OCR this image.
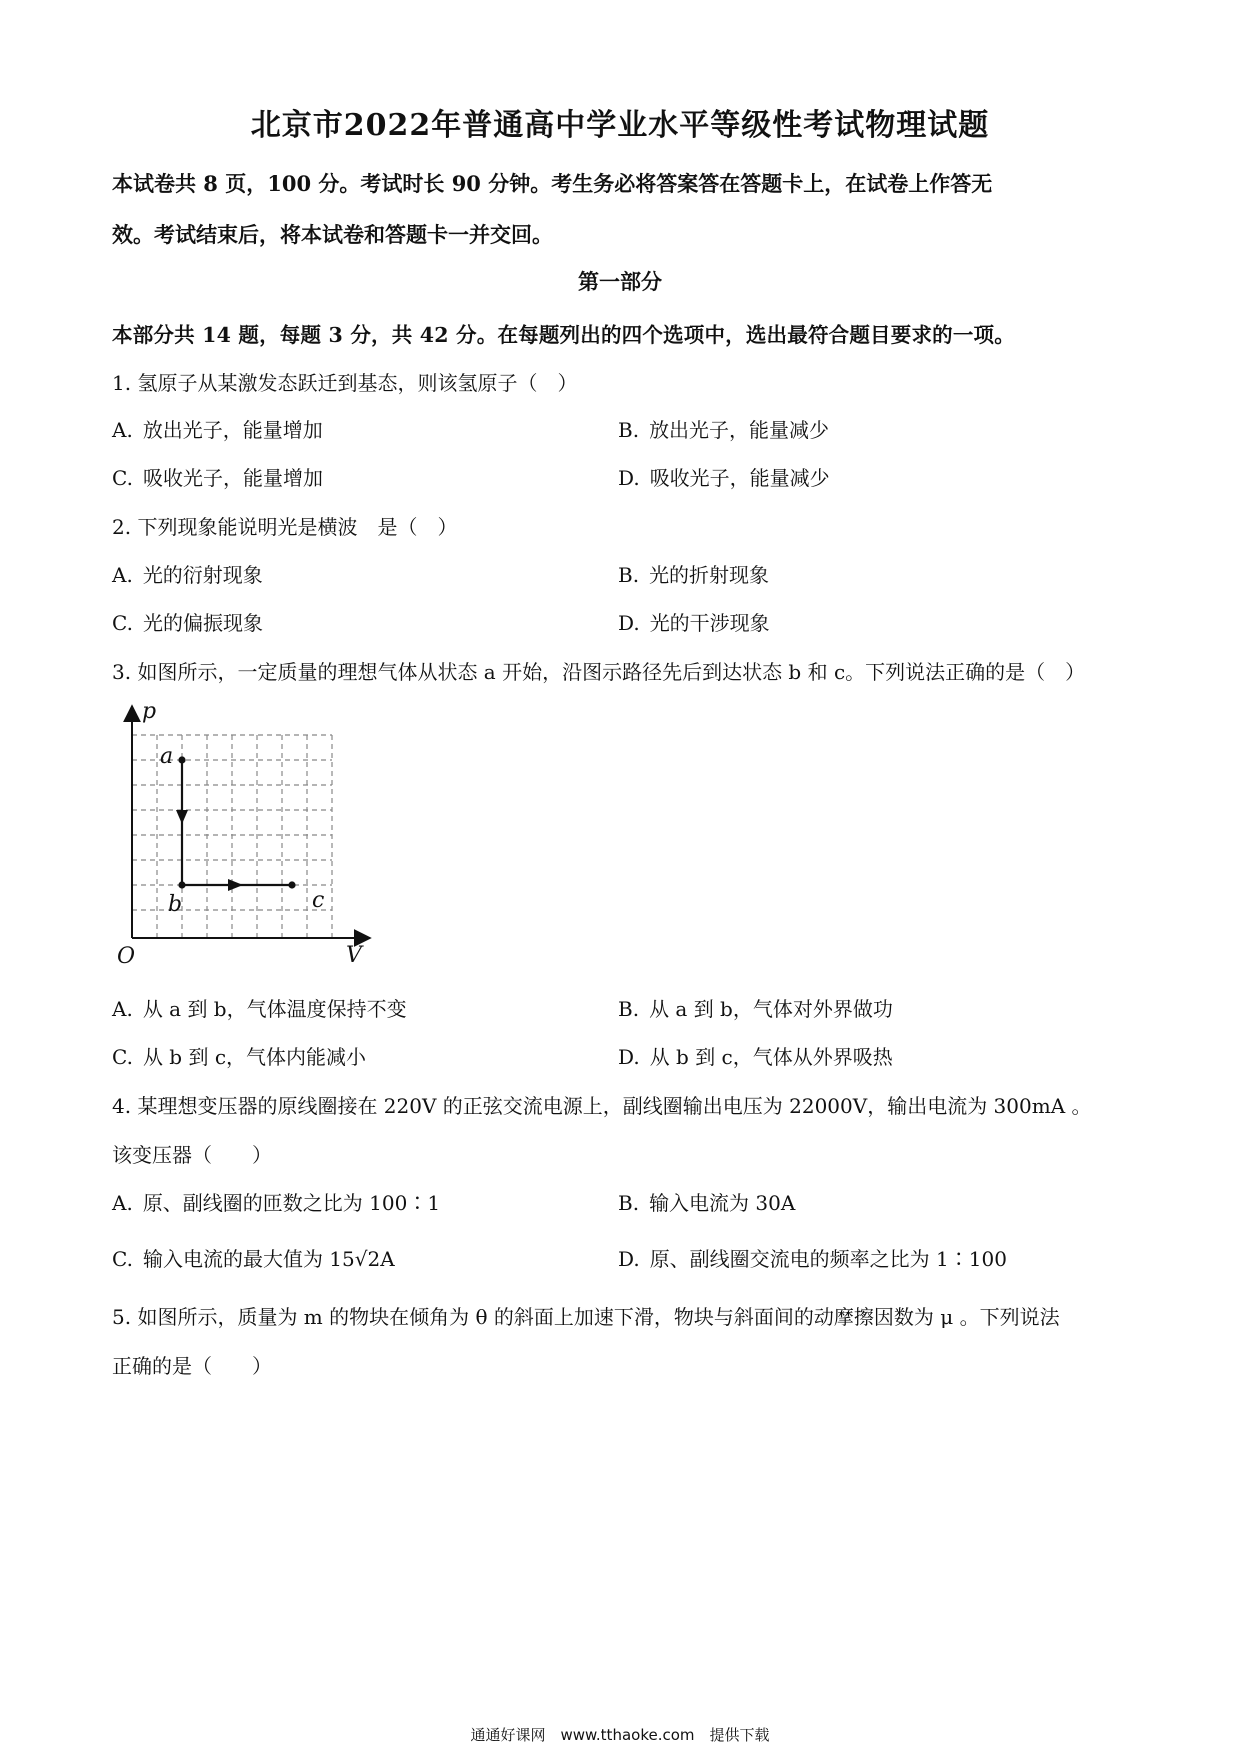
北京市2022年普通高中学业水平等级性考试物理试题
本试卷共 8 页，100 分。考试时长 90 分钟。考生务必将答案答在答题卡上，在试卷上作答无
效。考试结束后，将本试卷和答题卡一并交回。
第一部分
本部分共 14 题，每题 3 分，共 42 分。在每题列出的四个选项中，选出最符合题目要求的一项。
1. 氢原子从某激发态跃迁到基态，则该氢原子（　）
A. 放出光子，能量增加	B. 放出光子，能量减少
C. 吸收光子，能量增加	D. 吸收光子，能量减少
2. 下列现象能说明光是横波　是（　）
A. 光的衍射现象	B. 光的折射现象
C. 光的偏振现象	D. 光的干涉现象
3. 如图所示，一定质量的理想气体从状态 a 开始，沿图示路径先后到达状态 b 和 c。下列说法正确的是（　）
p
V
O
a
b	c
A. 从 a 到 b，气体温度保持不变	B. 从 a 到 b，气体对外界做功
C. 从 b 到 c，气体内能减小	D. 从 b 到 c，气体从外界吸热
4. 某理想变压器的原线圈接在 220V 的正弦交流电源上，副线圈输出电压为 22000V，输出电流为 300mA 。
该变压器（　　）
A. 原、副线圈的匝数之比为 100∶1	B. 输入电流为 30A
C. 输入电流的最大值为 15√2A	D. 原、副线圈交流电的频率之比为 1∶100
5. 如图所示，质量为 m 的物块在倾角为 θ 的斜面上加速下滑，物块与斜面间的动摩擦因数为 μ 。下列说法
正确的是（　　）
通通好课网　www.tthaoke.com　提供下载
